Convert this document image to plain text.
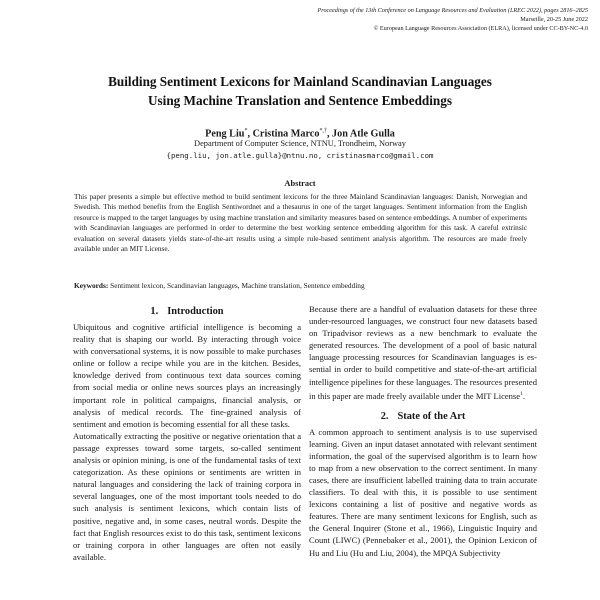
Proceedings of the 13th Conference on Language Resources and Evaluation (LREC 2022), pages 2816–2825
Marseille, 20-25 June 2022
© European Language Resources Association (ELRA), licensed under CC-BY-NC-4.0
Building Sentiment Lexicons for Mainland Scandinavian Languages
Using Machine Translation and Sentence Embeddings
Peng Liu*, Cristina Marco*,†, Jon Atle Gulla
Department of Computer Science, NTNU, Trondheim, Norway
{peng.liu, jon.atle.gulla}@ntnu.no, cristinasmarco@gmail.com
Abstract
This paper presents a simple but effective method to build sentiment lexicons for the three Mainland Scandinavian languages: Danish, Norwegian and Swedish. This method benefits from the English Sentiwordnet and a thesaurus in one of the target languages. Sentiment information from the English resource is mapped to the target languages by using machine translation and similarity measures based on sentence embeddings. A number of experiments with Scandinavian languages are performed in order to determine the best working sentence embedding algorithm for this task. A careful extrinsic evaluation on several datasets yields state-of-the-art results using a simple rule-based sentiment analysis algorithm. The resources are made freely available under an MIT License.
Keywords: Sentiment lexicon, Scandinavian languages, Machine translation, Sentence embedding
1. Introduction

Ubiquitous and cognitive artificial intelligence is becoming a reality that is shaping our world. By interacting through voice with conversational systems, it is now possible to make purchases online or follow a recipe while you are in the kitchen. Besides, knowledge derived from continuous text data sources coming from social media or online news sources plays an increasingly important role in political campaigns, financial analysis, or analysis of medical records. The fine-grained analysis of sentiment and emotion is becoming essential for all these tasks.

Automatically extracting the positive or negative orientation that a passage expresses toward some targets, so-called sentiment analysis or opinion mining, is one of the fundamental tasks of text categorization. As these opinions or sentiments are written in natural languages and considering the lack of training corpora in several languages, one of the most important tools needed to do such analysis is sentiment lexicons, which contain lists of positive, negative and, in some cases, neutral words. Despite the fact that English resources exist to do this task, sentiment lexicons or training corpora in other languages are often not easily available.

Because there are a handful of evaluation datasets for these three under-resourced languages, we construct four new datasets based on Tripadvisor reviews as a new benchmark to evaluate the generated resources. The development of a pool of basic natural language processing resources for Scandinavian languages is essential in order to build competitive and state-of-the-art artificial intelligence pipelines for these languages. The resources presented in this paper are made freely available under the MIT License$^1$.

2. State of the Art

A common approach to sentiment analysis is to use supervised learning. Given an input dataset annotated with relevant sentiment information, the goal of the supervised algorithm is to learn how to map from a new observation to the correct sentiment. In many cases, there are insufficient labelled training data to train accurate classifiers. To deal with this, it is possible to use sentiment lexicons containing a list of positive and negative words as features. There are many sentiment lexicons for English, such as the General Inquirer (Stone et al., 1966), Linguistic Inquiry and Count (LIWC) (Pennebaker et al., 2001), the Opinion Lexicon of Hu and Liu (Hu and Liu, 2004), the MPQA Subjectivity
